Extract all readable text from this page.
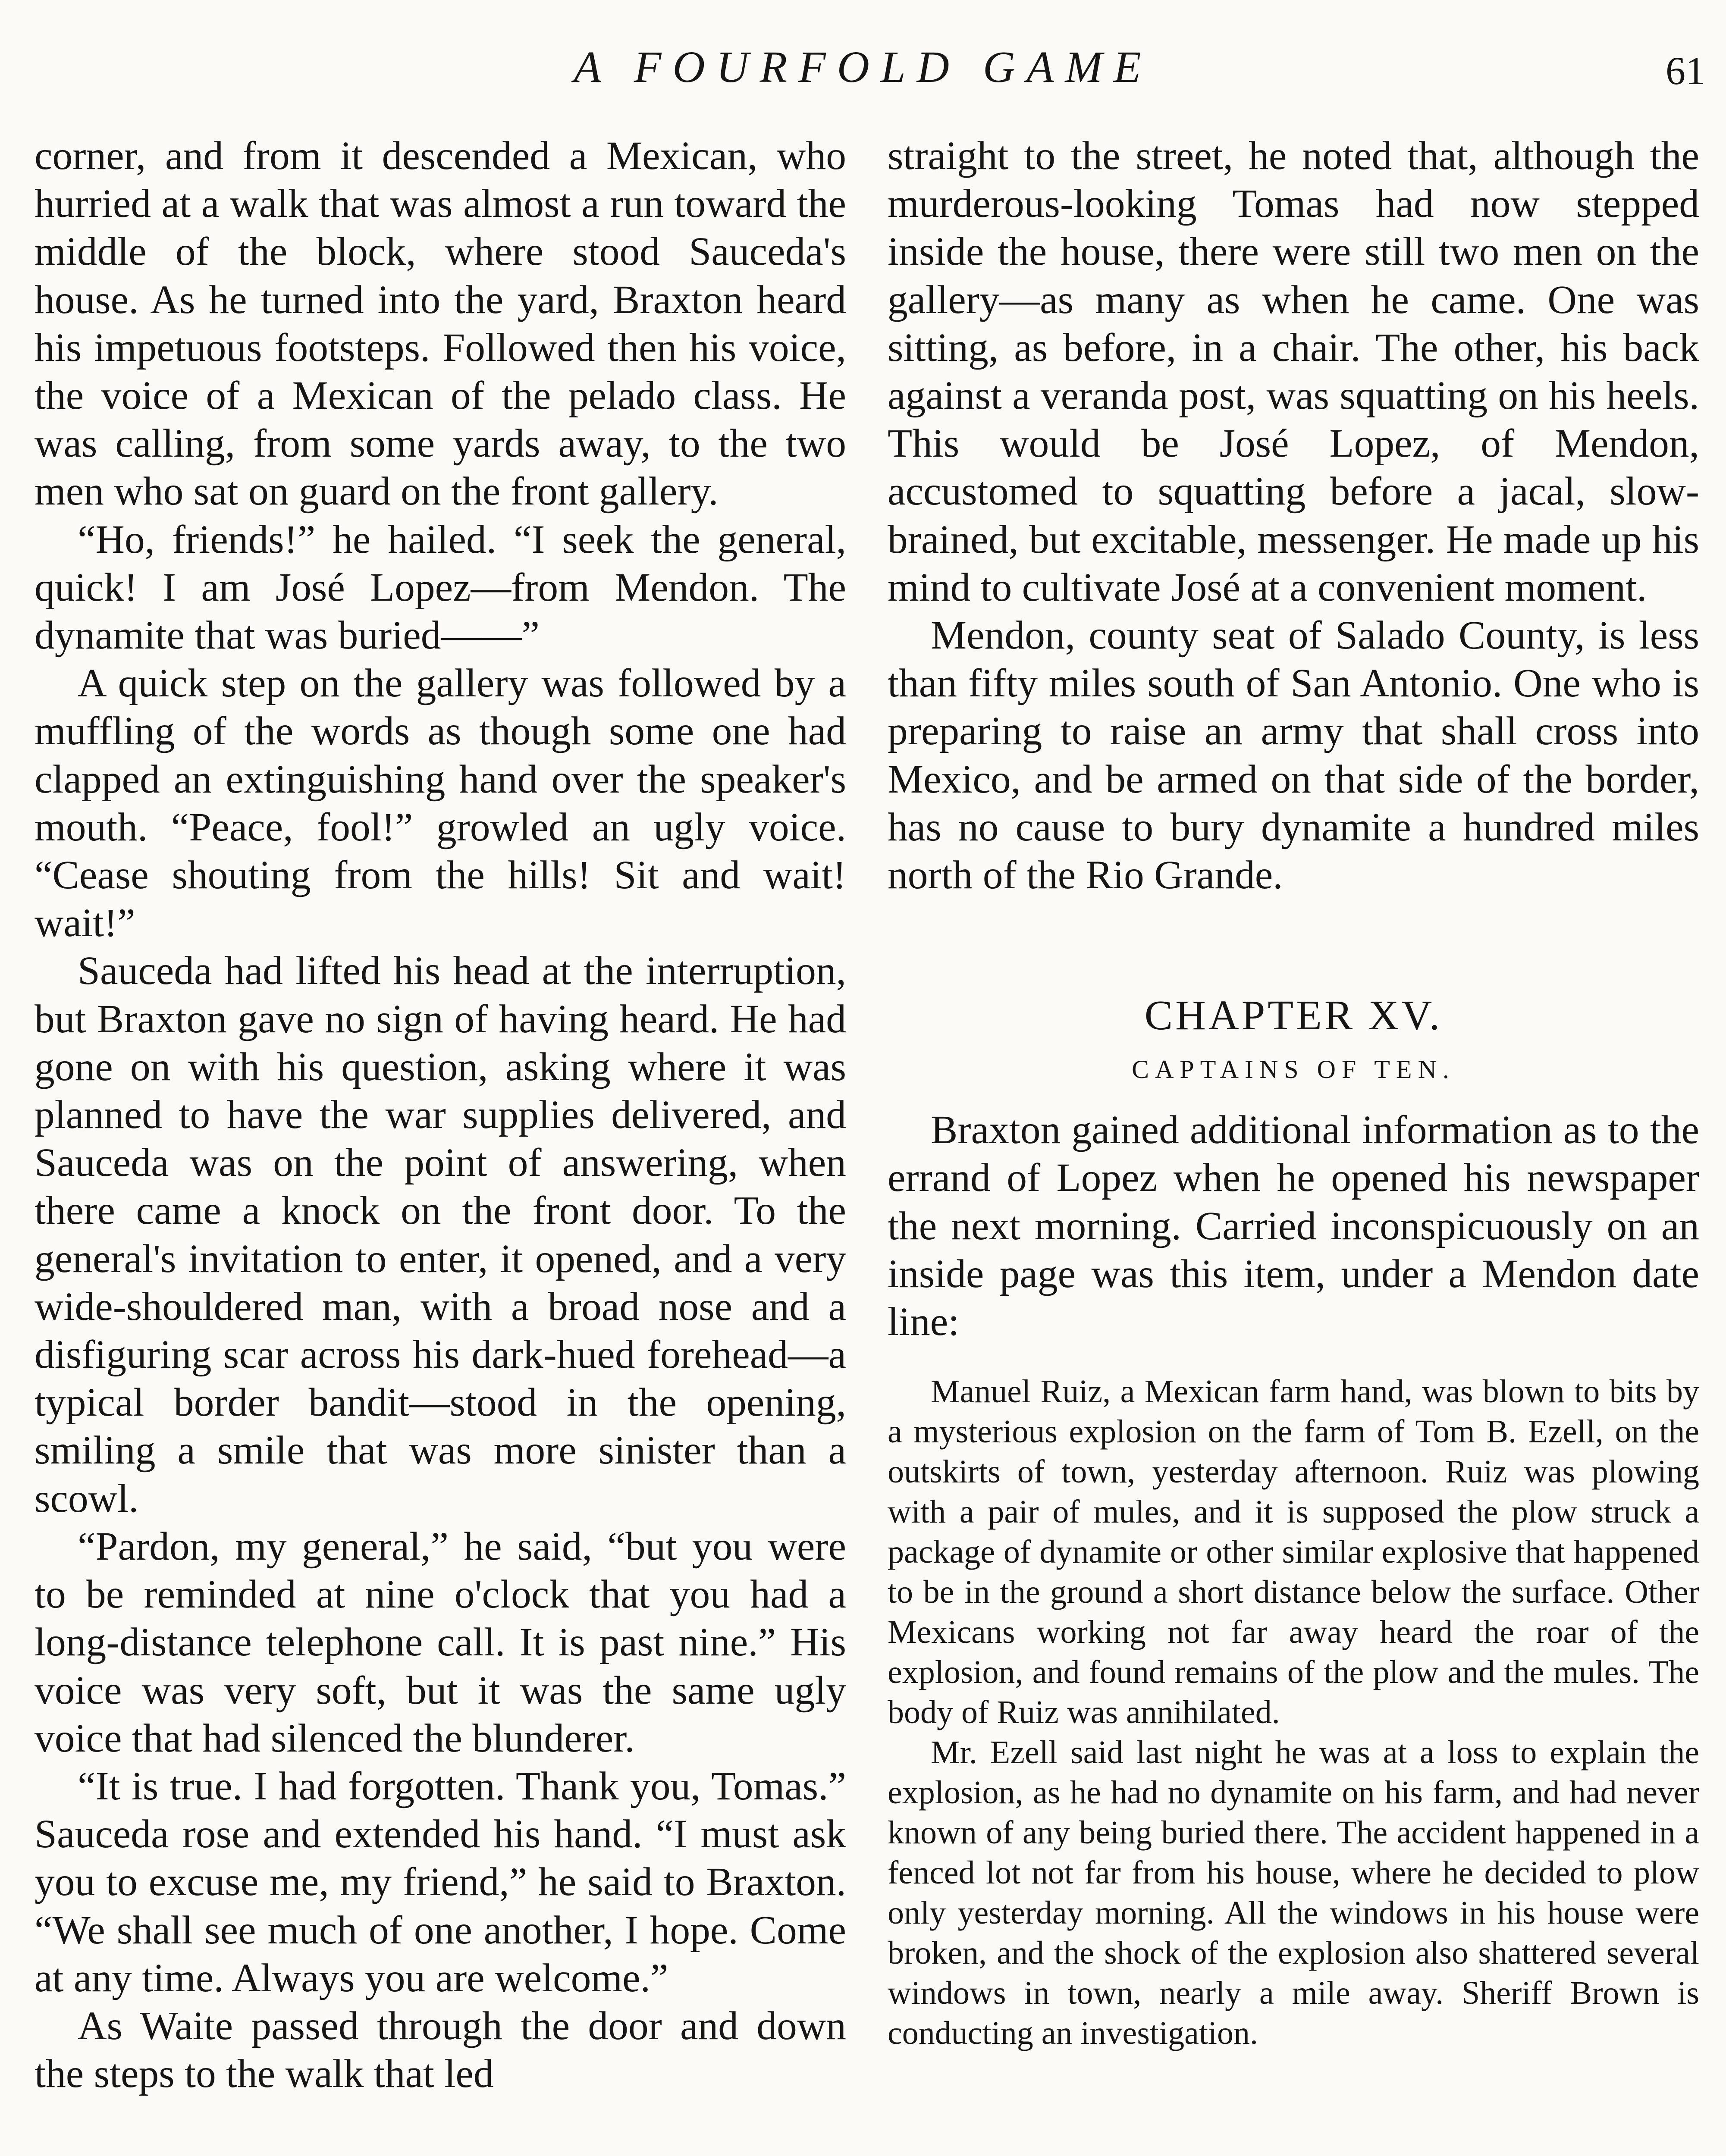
A FOURFOLD GAME	61

corner, and from it descended a Mexican, who hurried at a walk that was almost a run toward the middle of the block, where stood Sauceda's house. As he turned into the yard, Braxton heard his impetuous footsteps. Followed then his voice, the voice of a Mexican of the pelado class. He was calling, from some yards away, to the two men who sat on guard on the front gallery.

“Ho, friends!” he hailed. “I seek the general, quick! I am José Lopez—from Mendon. The dynamite that was buried——”

A quick step on the gallery was followed by a muffling of the words as though some one had clapped an extinguishing hand over the speaker's mouth. “Peace, fool!” growled an ugly voice. “Cease shouting from the hills! Sit and wait! wait!”

Sauceda had lifted his head at the interruption, but Braxton gave no sign of having heard. He had gone on with his question, asking where it was planned to have the war supplies delivered, and Sauceda was on the point of answering, when there came a knock on the front door. To the general's invitation to enter, it opened, and a very wide-shouldered man, with a broad nose and a disfiguring scar across his dark-hued forehead—a typical border bandit—stood in the opening, smiling a smile that was more sinister than a scowl.

“Pardon, my general,” he said, “but you were to be reminded at nine o'clock that you had a long-distance telephone call. It is past nine.” His voice was very soft, but it was the same ugly voice that had silenced the blunderer.

“It is true. I had forgotten. Thank you, Tomas.” Sauceda rose and extended his hand. “I must ask you to excuse me, my friend,” he said to Braxton. “We shall see much of one another, I hope. Come at any time. Always you are welcome.”

As Waite passed through the door and down the steps to the walk that led

straight to the street, he noted that, although the murderous-looking Tomas had now stepped inside the house, there were still two men on the gallery—as many as when he came. One was sitting, as before, in a chair. The other, his back against a veranda post, was squatting on his heels. This would be José Lopez, of Mendon, accustomed to squatting before a jacal, slow-brained, but excitable, messenger. He made up his mind to cultivate José at a convenient moment.

Mendon, county seat of Salado County, is less than fifty miles south of San Antonio. One who is preparing to raise an army that shall cross into Mexico, and be armed on that side of the border, has no cause to bury dynamite a hundred miles north of the Rio Grande.

CHAPTER XV.
CAPTAINS OF TEN.

Braxton gained additional information as to the errand of Lopez when he opened his newspaper the next morning. Carried inconspicuously on an inside page was this item, under a Mendon date line:

Manuel Ruiz, a Mexican farm hand, was blown to bits by a mysterious explosion on the farm of Tom B. Ezell, on the outskirts of town, yesterday afternoon. Ruiz was plowing with a pair of mules, and it is supposed the plow struck a package of dynamite or other similar explosive that happened to be in the ground a short distance below the surface. Other Mexicans working not far away heard the roar of the explosion, and found remains of the plow and the mules. The body of Ruiz was annihilated.

Mr. Ezell said last night he was at a loss to explain the explosion, as he had no dynamite on his farm, and had never known of any being buried there. The accident happened in a fenced lot not far from his house, where he decided to plow only yesterday morning. All the windows in his house were broken, and the shock of the explosion also shattered several windows in town, nearly a mile away. Sheriff Brown is conducting an investigation.
